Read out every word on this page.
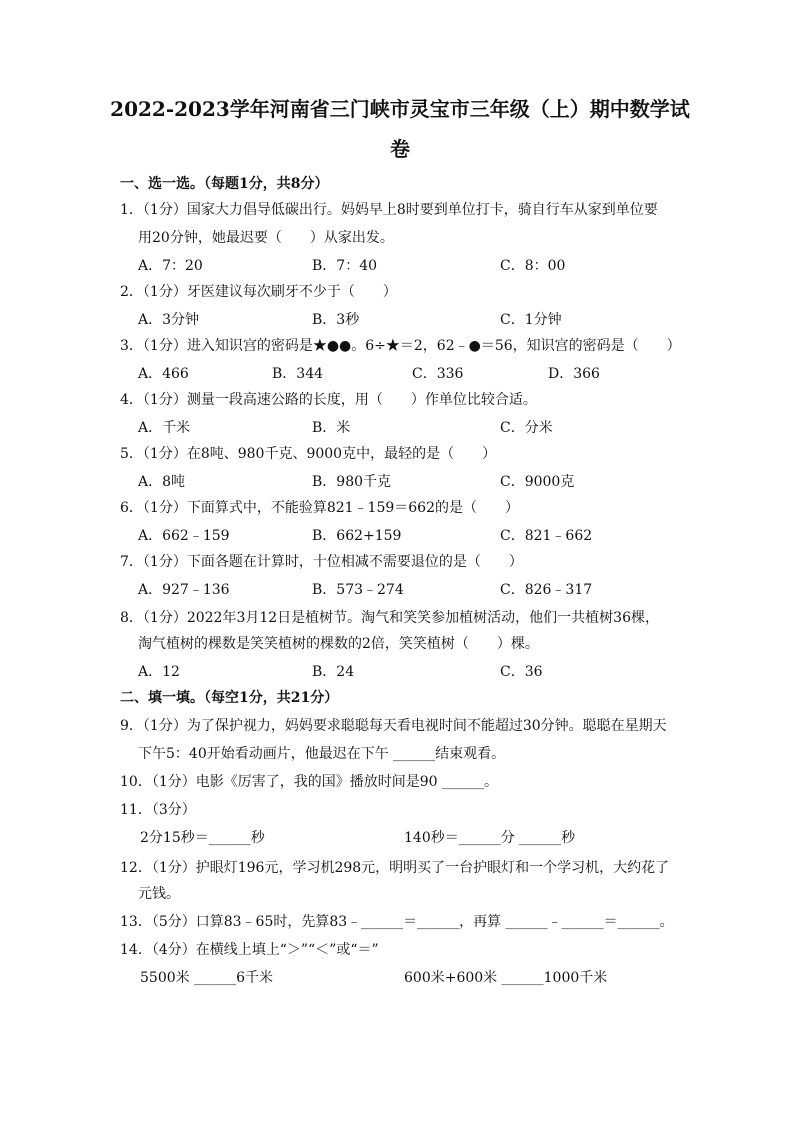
2022-2023学年河南省三门峡市灵宝市三年级（上）期中数学试
卷
一、选一选。（每题1分，共8分）
1．（1分）国家大力倡导低碳出行。妈妈早上8时要到单位打卡，骑自行车从家到单位要
用20分钟，她最迟要（　　）从家出发。
A．7：20	B．7：40	C．8：00
2．（1分）牙医建议每次刷牙不少于（　　）
A．3分钟	B．3秒	C．1分钟
3．（1分）进入知识宫的密码是★●●。6÷★＝2，62﹣●＝56，知识宫的密码是（　　）
A．466	B．344	C．336	D．366
4．（1分）测量一段高速公路的长度，用（　　）作单位比较合适。
A．千米	B．米	C．分米
5．（1分）在8吨、980千克、9000克中，最轻的是（　　）
A．8吨	B．980千克	C．9000克
6．（1分）下面算式中，不能验算821﹣159＝662的是（　　）
A．662﹣159	B．662+159	C．821﹣662
7．（1分）下面各题在计算时，十位相减不需要退位的是（　　）
A．927﹣136	B．573﹣274	C．826﹣317
8．（1分）2022年3月12日是植树节。淘气和笑笑参加植树活动，他们一共植树36棵，
淘气植树的棵数是笑笑植树的棵数的2倍，笑笑植树（　　）棵。
A．12	B．24	C．36
二、填一填。（每空1分，共21分）
9．（1分）为了保护视力，妈妈要求聪聪每天看电视时间不能超过30分钟。聪聪在星期天
下午5：40开始看动画片，他最迟在下午 ______结束观看。
10．（1分）电影《厉害了，我的国》播放时间是90 ______。
11．（3分）
2分15秒＝______秒	140秒＝______分 ______秒
12．（1分）护眼灯196元，学习机298元，明明买了一台护眼灯和一个学习机，大约花了
元钱。
13．（5分）口算83﹣65时，先算83﹣______＝______，再算 ______﹣______＝______。
14．（4分）在横线上填上“＞”“＜”或“＝”
5500米 ______6千米	600米+600米 ______1000千米
